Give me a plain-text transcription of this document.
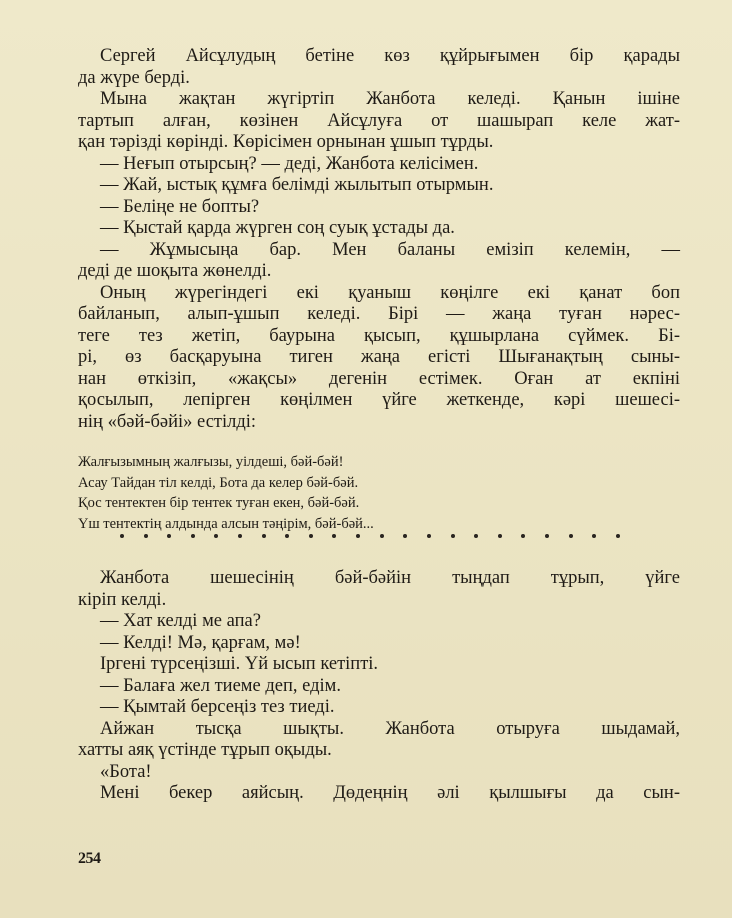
Сергей Айсұлудың бетіне көз құйрығымен бір қарады
да жүре берді.
Мына жақтан жүгіртіп Жанбота келеді. Қанын ішіне
тартып алған, көзінен Айсұлуға от шашырап келе жат-
қан тәрізді көрінді. Көрісімен орнынан ұшып тұрды.
— Неғып отырсың? — деді, Жанбота келісімен.
— Жай, ыстық құмға белімді жылытып отырмын.
— Беліңе не бопты?
— Қыстай қарда жүрген соң суық ұстады да.
— Жұмысыңа бар. Мен баланы емізіп келемін, —
деді де шоқыта жөнелді.
Оның жүрегіндегі екі қуаныш көңілге екі қанат боп
байланып, алып-ұшып келеді. Бірі — жаңа туған нәрес-
теге тез жетіп, баурына қысып, құшырлана сүймек. Бі-
рі, өз басқаруына тиген жаңа егісті Шығанақтың сыны-
нан өткізіп, «жақсы» дегенін естімек. Оған ат екпіні
қосылып, лепірген көңілмен үйге жеткенде, кәрі шешесі-
нің «бәй-бәйі» естілді:
Жалғызымның жалғызы, уілдеші, бәй-бәй!
Асау Тайдан тіл келді, Бота да келер бәй-бәй.
Қос тентектен бір тентек туған екен, бәй-бәй.
Үш тентектің алдында алсын тәңірім, бәй-бәй...
Жанбота шешесінің бәй-бәйін тыңдап тұрып, үйге
кіріп келді.
— Хат келді ме апа?
— Келді! Мә, қарғам, мә!
Іргені түрсеңізші. Үй ысып кетіпті.
— Балаға жел тиеме деп, едім.
— Қымтай берсеңіз тез тиеді.
Айжан тысқа шықты. Жанбота отыруға шыдамай,
хатты аяқ үстінде тұрып оқыды.
«Бота!
Мені бекер аяйсың. Дөдеңнің әлі қылшығы да сын-
254
